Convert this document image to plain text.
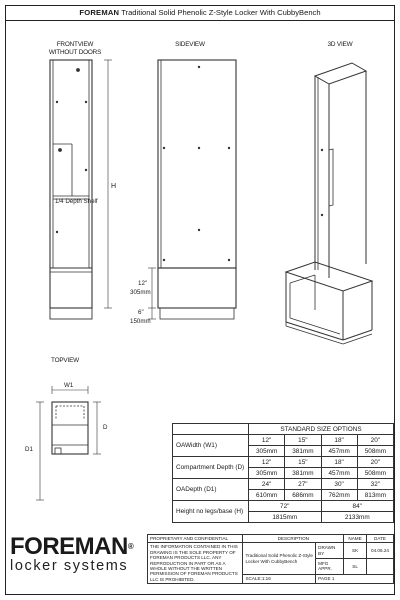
FOREMAN Traditional Solid Phenolic Z-Style Locker With CubbyBench
FRONTVIEW
WITHOUT DOORS
SIDEVIEW	3D VIEW
TOPVIEW
1/4 Depth Shelf
H
12"
305mm
6"
150mm
W1
D
D1
	STANDARD SIZE OPTIONS			
OAWidth (W1)	12"	15"	18"	20"
	305mm	381mm	457mm	508mm
Compartment Depth (D)	12"	15"	18"	20"
	305mm	381mm	457mm	508mm
OADepth (D1)	24"	27"	30"	32"
	610mm	686mm	762mm	813mm
Height no legs/base (H)	72"		84"	
	1815mm		2133mm	
FOREMAN®
locker systems
PROPRIETARY AND CONFIDENTIAL	DESCRIPTION		NAME	DATE
THE INFORMATION CONTAINED IN THIS DRAWING IS THE SOLE PROPERTY OF FOREMAN PRODUCTS LLC. ANY REPRODUCTION IN PART OR AS A WHOLE WITHOUT THE WRITTEN PERMISSION OF FOREMAN PRODUCTS LLC IS PROHIBITED.	Traditional Solid Phenolic Z-Style Locker With CubbyBench	DRAWN BY	SK	04.06.24
		MFG APPR.	SL	
	SCALE:1:16	PAGE 1		
